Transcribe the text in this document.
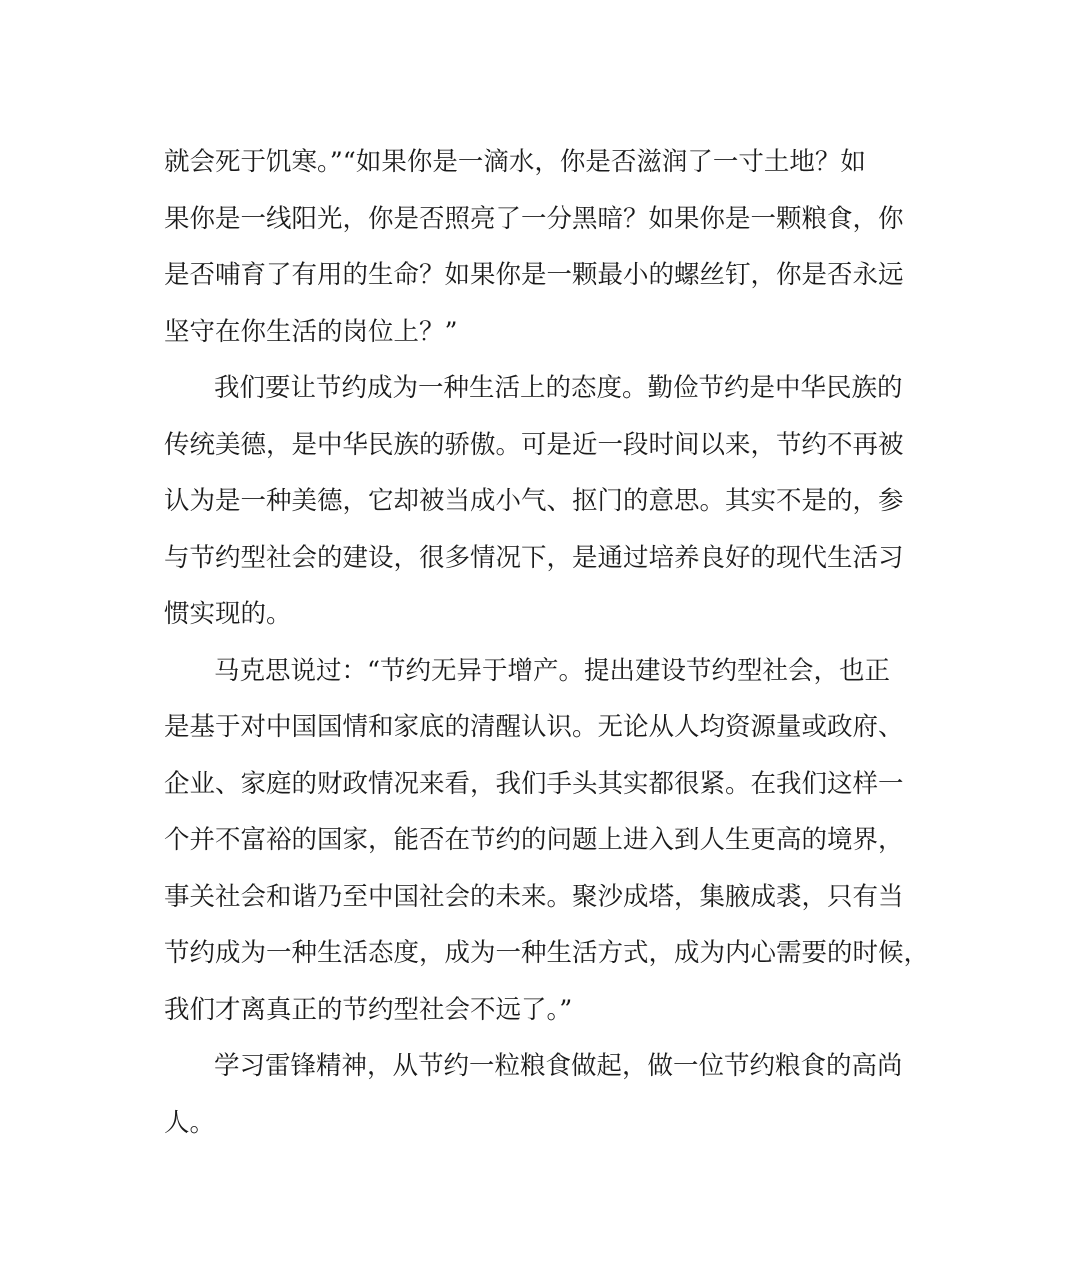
就会死于饥寒。”“如果你是一滴水，你是否滋润了一寸土地？如
果你是一线阳光，你是否照亮了一分黑暗？如果你是一颗粮食，你
是否哺育了有用的生命？如果你是一颗最小的螺丝钉，你是否永远
坚守在你生活的岗位上？”
我们要让节约成为一种生活上的态度。勤俭节约是中华民族的
传统美德，是中华民族的骄傲。可是近一段时间以来，节约不再被
认为是一种美德，它却被当成小气、抠门的意思。其实不是的，参
与节约型社会的建设，很多情况下，是通过培养良好的现代生活习
惯实现的。
马克思说过：“节约无异于增产。提出建设节约型社会，也正
是基于对中国国情和家底的清醒认识。无论从人均资源量或政府、
企业、家庭的财政情况来看，我们手头其实都很紧。在我们这样一
个并不富裕的国家，能否在节约的问题上进入到人生更高的境界，
事关社会和谐乃至中国社会的未来。聚沙成塔，集腋成裘，只有当
节约成为一种生活态度，成为一种生活方式，成为内心需要的时候，
我们才离真正的节约型社会不远了。”
学习雷锋精神，从节约一粒粮食做起，做一位节约粮食的高尚
人。
